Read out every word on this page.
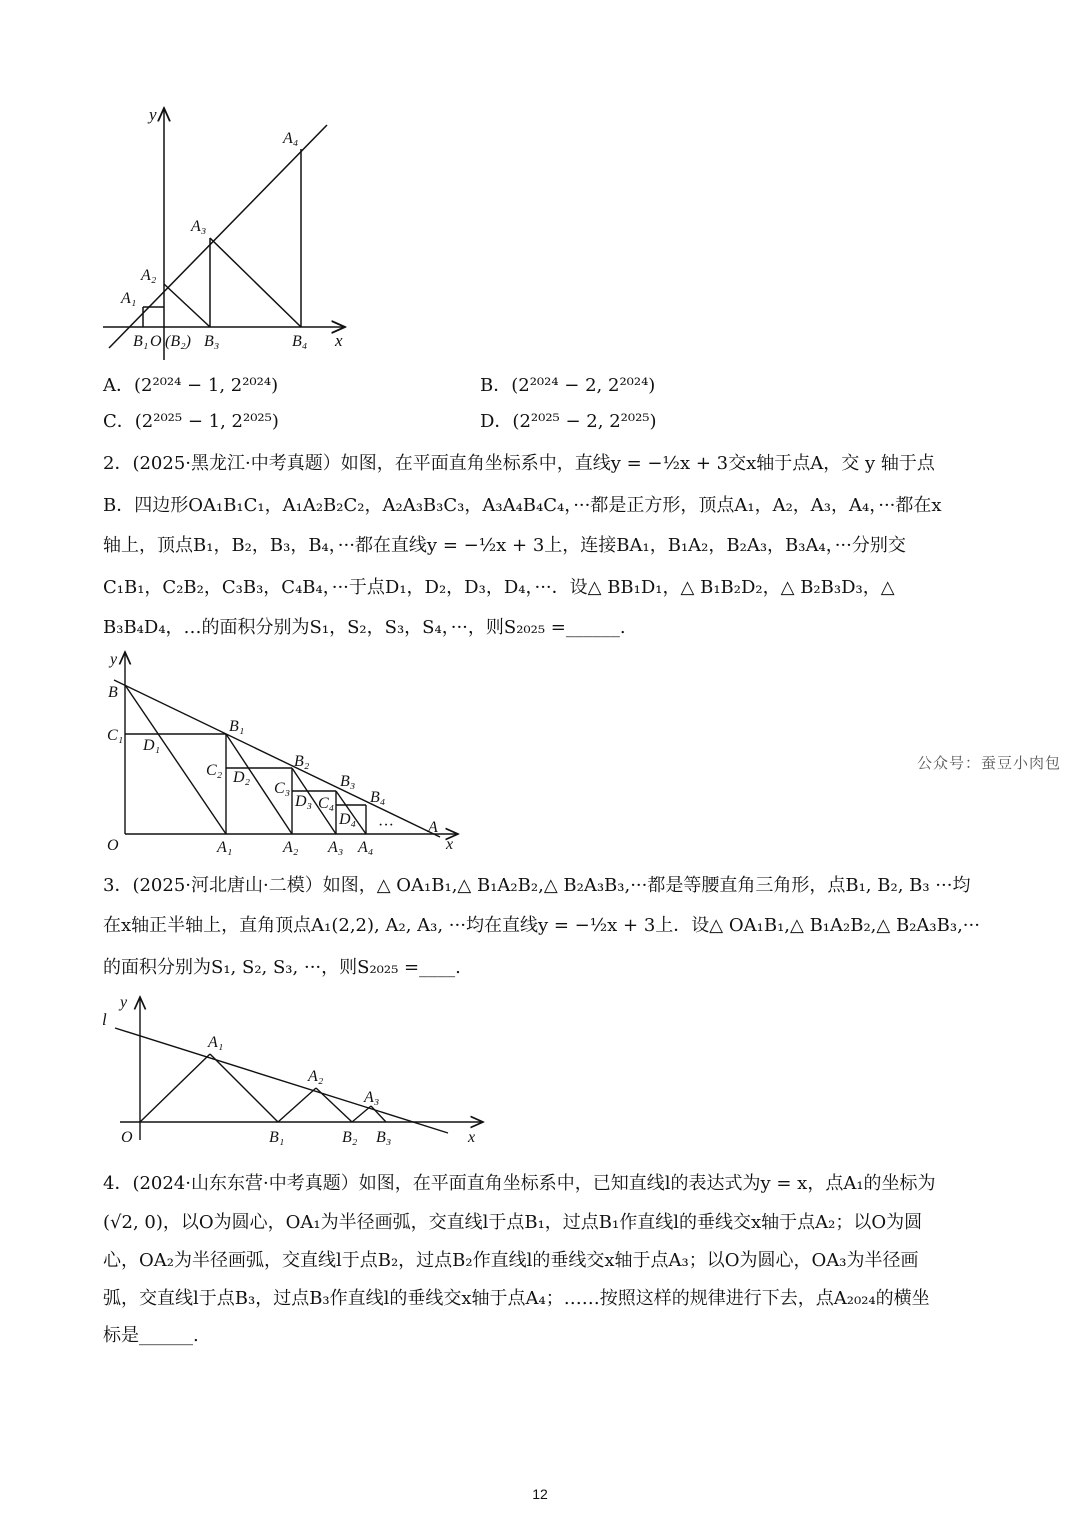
y
x
A₄
A₃
A₂
A₁
B₁ O (B₂) B₃	B₄
A．(2²⁰²⁴ − 1, 2²⁰²⁴)	B．(2²⁰²⁴ − 2, 2²⁰²⁴)
C．(2²⁰²⁵ − 1, 2²⁰²⁵)	D．(2²⁰²⁵ − 2, 2²⁰²⁵)
2．(2025·黑龙江·中考真题）如图，在平面直角坐标系中，直线y = −½x + 3交x轴于点A，交 y 轴于点
B．四边形OA₁B₁C₁，A₁A₂B₂C₂，A₂A₃B₃C₃，A₃A₄B₄C₄，···都是正方形，顶点A₁，A₂，A₃，A₄，···都在x
轴上，顶点B₁，B₂，B₃，B₄，···都在直线y = −½x + 3上，连接BA₁，B₁A₂，B₂A₃，B₃A₄，···分别交
C₁B₁，C₂B₂，C₃B₃，C₄B₄，···于点D₁，D₂，D₃，D₄，···．设△ BB₁D₁，△ B₁B₂D₂，△ B₂B₃D₃，△
B₃B₄D₄，…的面积分别为S₁，S₂，S₃，S₄，···，则S₂₀₂₅ =______.
y
B
C₁
D₁
B₁
C₂ D₂
B₂
C₃
D₃
B₃
C₄
D₄
B₄
··· A
x
O	A₁	A₂ A₃ A₄
公众号：蚕豆小肉包
3．(2025·河北唐山·二模）如图，△ OA₁B₁,△ B₁A₂B₂,△ B₂A₃B₃,···都是等腰直角三角形，点B₁, B₂, B₃ ···均
在x轴正半轴上，直角顶点A₁(2,2), A₂, A₃, ···均在直线y = −½x + 3上．设△ OA₁B₁,△ B₁A₂B₂,△ B₂A₃B₃,···
的面积分别为S₁, S₂, S₃, ···，则S₂₀₂₅ =____.
y
l
A₁
A₂
A₃
O	B₁	B₂ B₃	x
4．(2024·山东东营·中考真题）如图，在平面直角坐标系中，已知直线l的表达式为y = x，点A₁的坐标为
(√2, 0)，以O为圆心，OA₁为半径画弧，交直线l于点B₁，过点B₁作直线l的垂线交x轴于点A₂；以O为圆
心，OA₂为半径画弧，交直线l于点B₂，过点B₂作直线l的垂线交x轴于点A₃；以O为圆心，OA₃为半径画
弧，交直线l于点B₃，过点B₃作直线l的垂线交x轴于点A₄；……按照这样的规律进行下去，点A₂₀₂₄的横坐
标是______.
12
